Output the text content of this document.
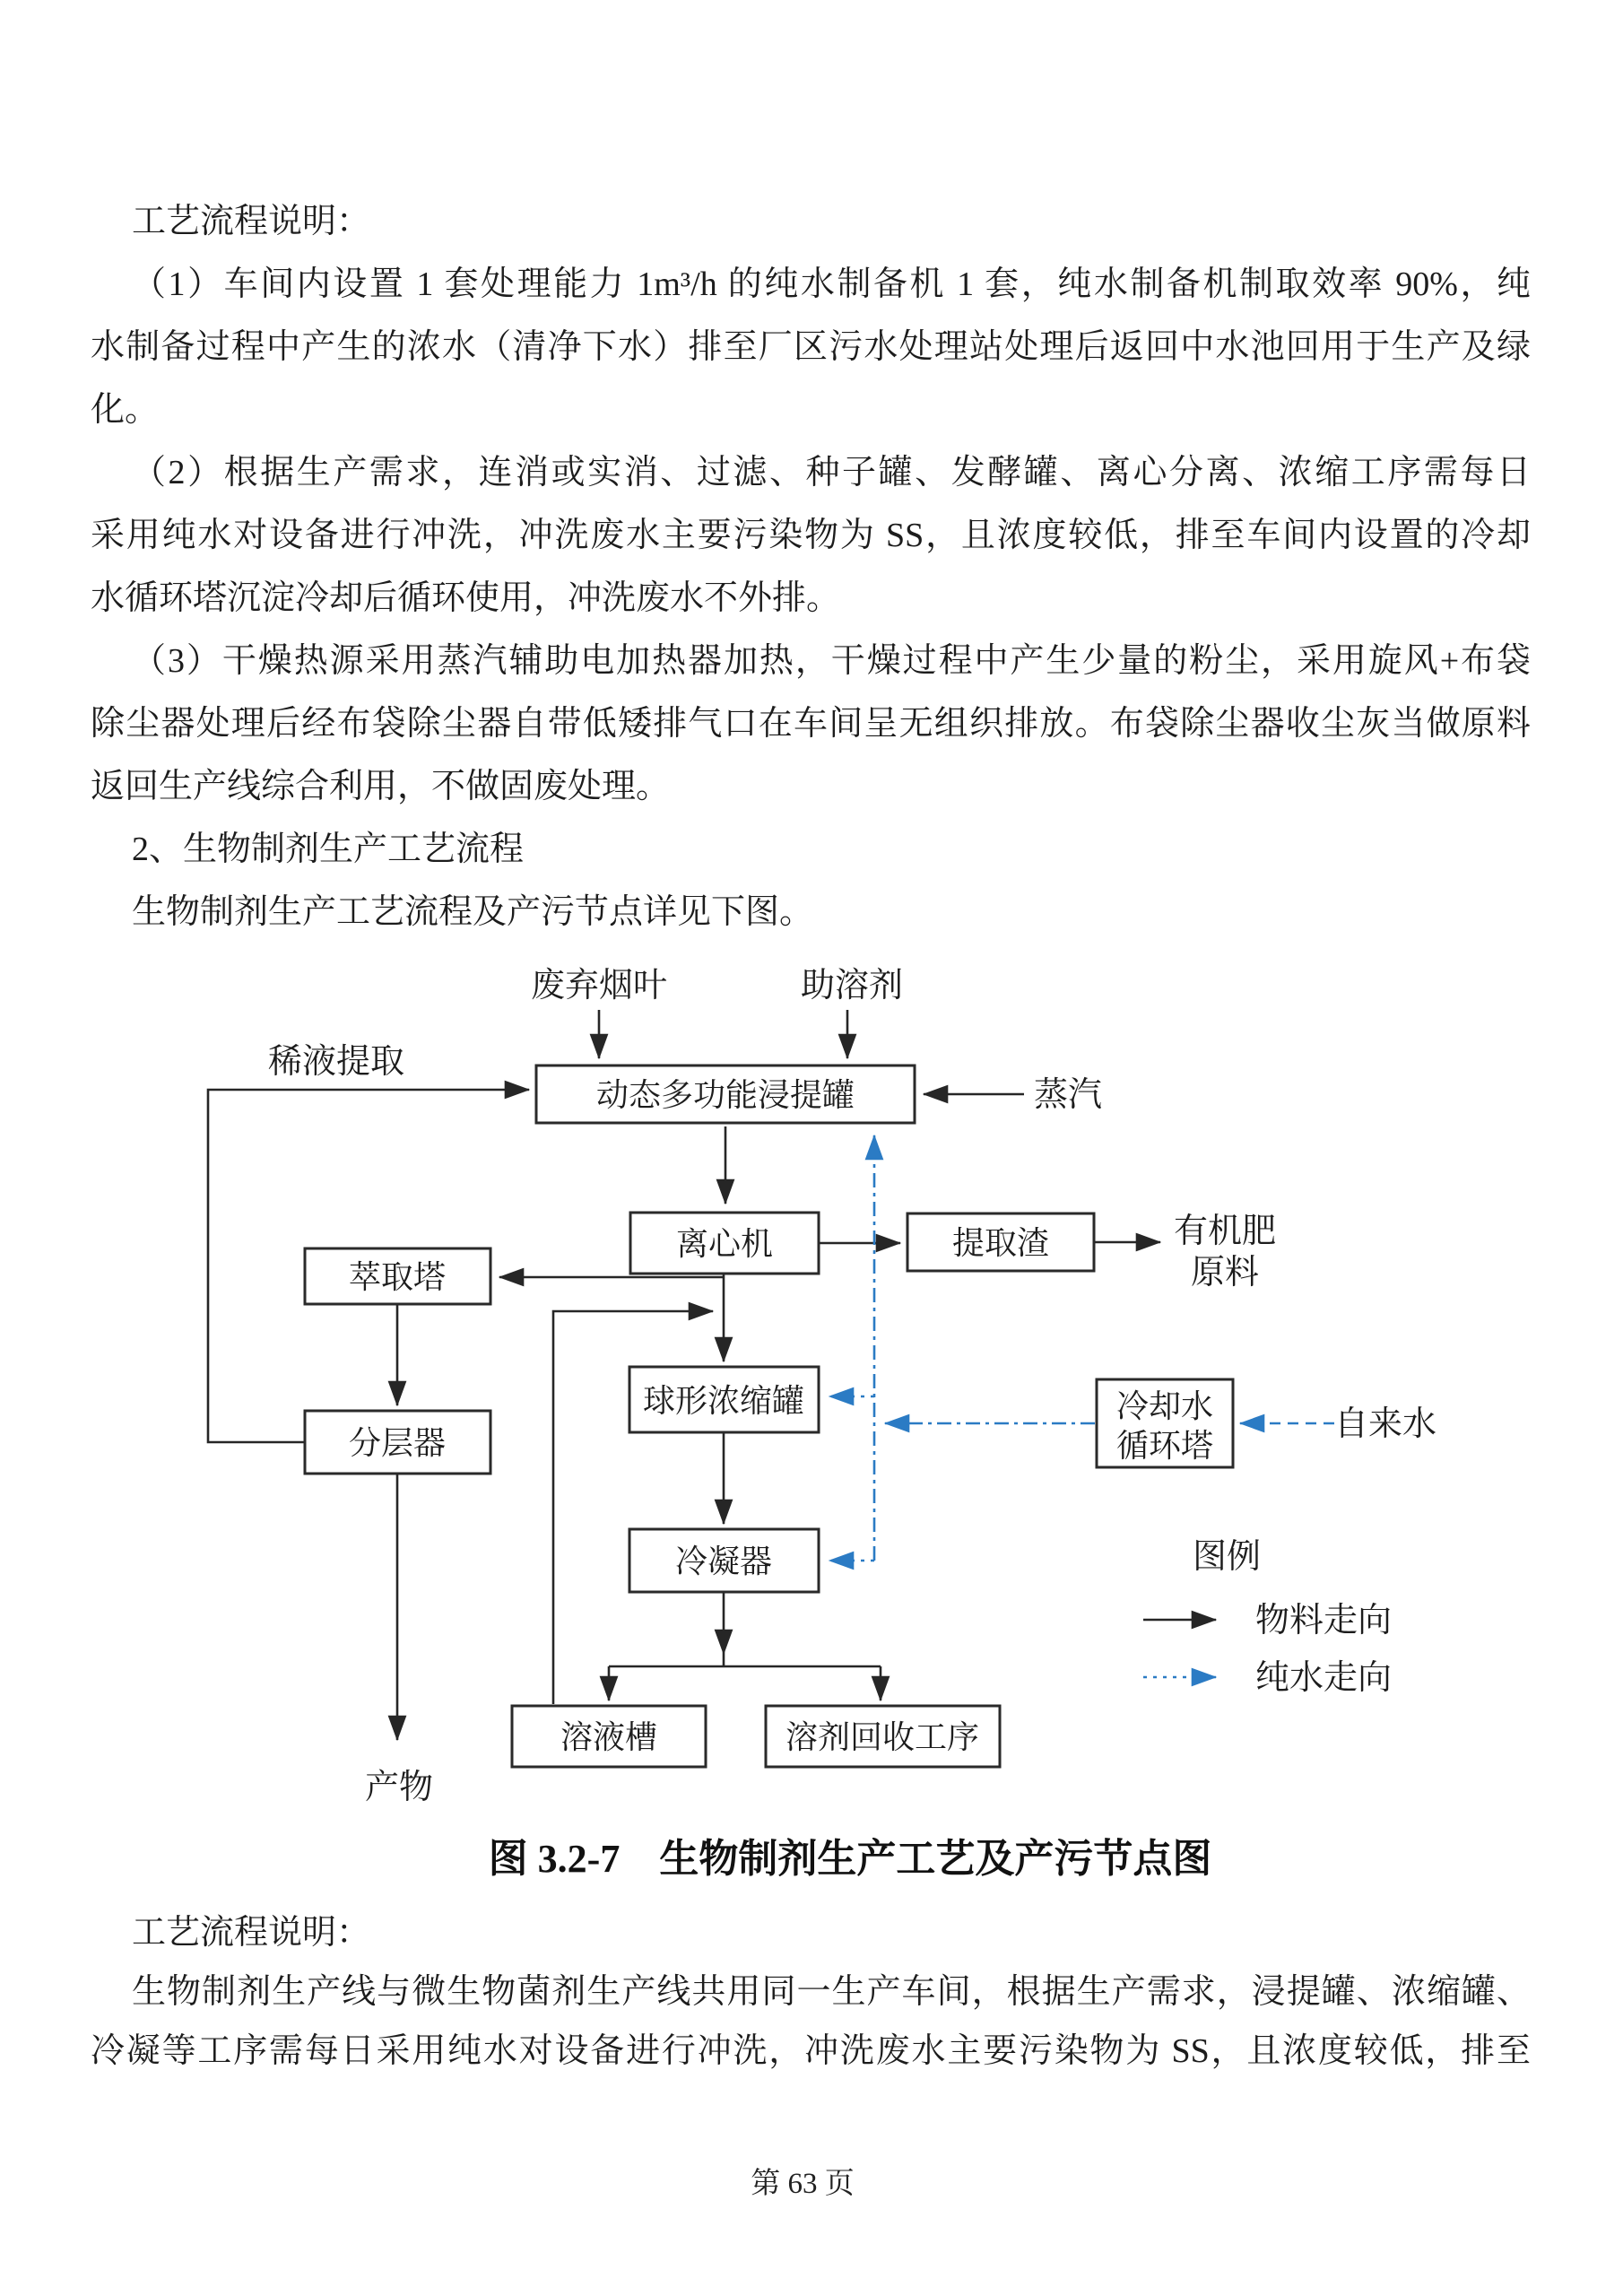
工艺流程说明：
（1）车间内设置 1 套处理能力 1m³/h 的纯水制备机 1 套，纯水制备机制取效率 90%，纯
水制备过程中产生的浓水（清净下水）排至厂区污水处理站处理后返回中水池回用于生产及绿
化。
（2）根据生产需求，连消或实消、过滤、种子罐、发酵罐、离心分离、浓缩工序需每日
采用纯水对设备进行冲洗，冲洗废水主要污染物为 SS，且浓度较低，排至车间内设置的冷却
水循环塔沉淀冷却后循环使用，冲洗废水不外排。
（3）干燥热源采用蒸汽辅助电加热器加热，干燥过程中产生少量的粉尘，采用旋风+布袋
除尘器处理后经布袋除尘器自带低矮排气口在车间呈无组织排放。布袋除尘器收尘灰当做原料
返回生产线综合利用，不做固废处理。
2、生物制剂生产工艺流程
生物制剂生产工艺流程及产污节点详见下图。
动态多功能浸提罐
离心机	提取渣
萃取塔
分层器
球形浓缩罐
冷凝器
冷却水
循环塔
溶液槽	溶剂回收工序
废弃烟叶	助溶剂
稀液提取
蒸汽
有机肥
原料
自来水
产物
图例
物料走向
纯水走向
图 3.2-7　生物制剂生产工艺及产污节点图
工艺流程说明：
生物制剂生产线与微生物菌剂生产线共用同一生产车间，根据生产需求，浸提罐、浓缩罐、
冷凝等工序需每日采用纯水对设备进行冲洗，冲洗废水主要污染物为 SS，且浓度较低，排至
第 63 页
